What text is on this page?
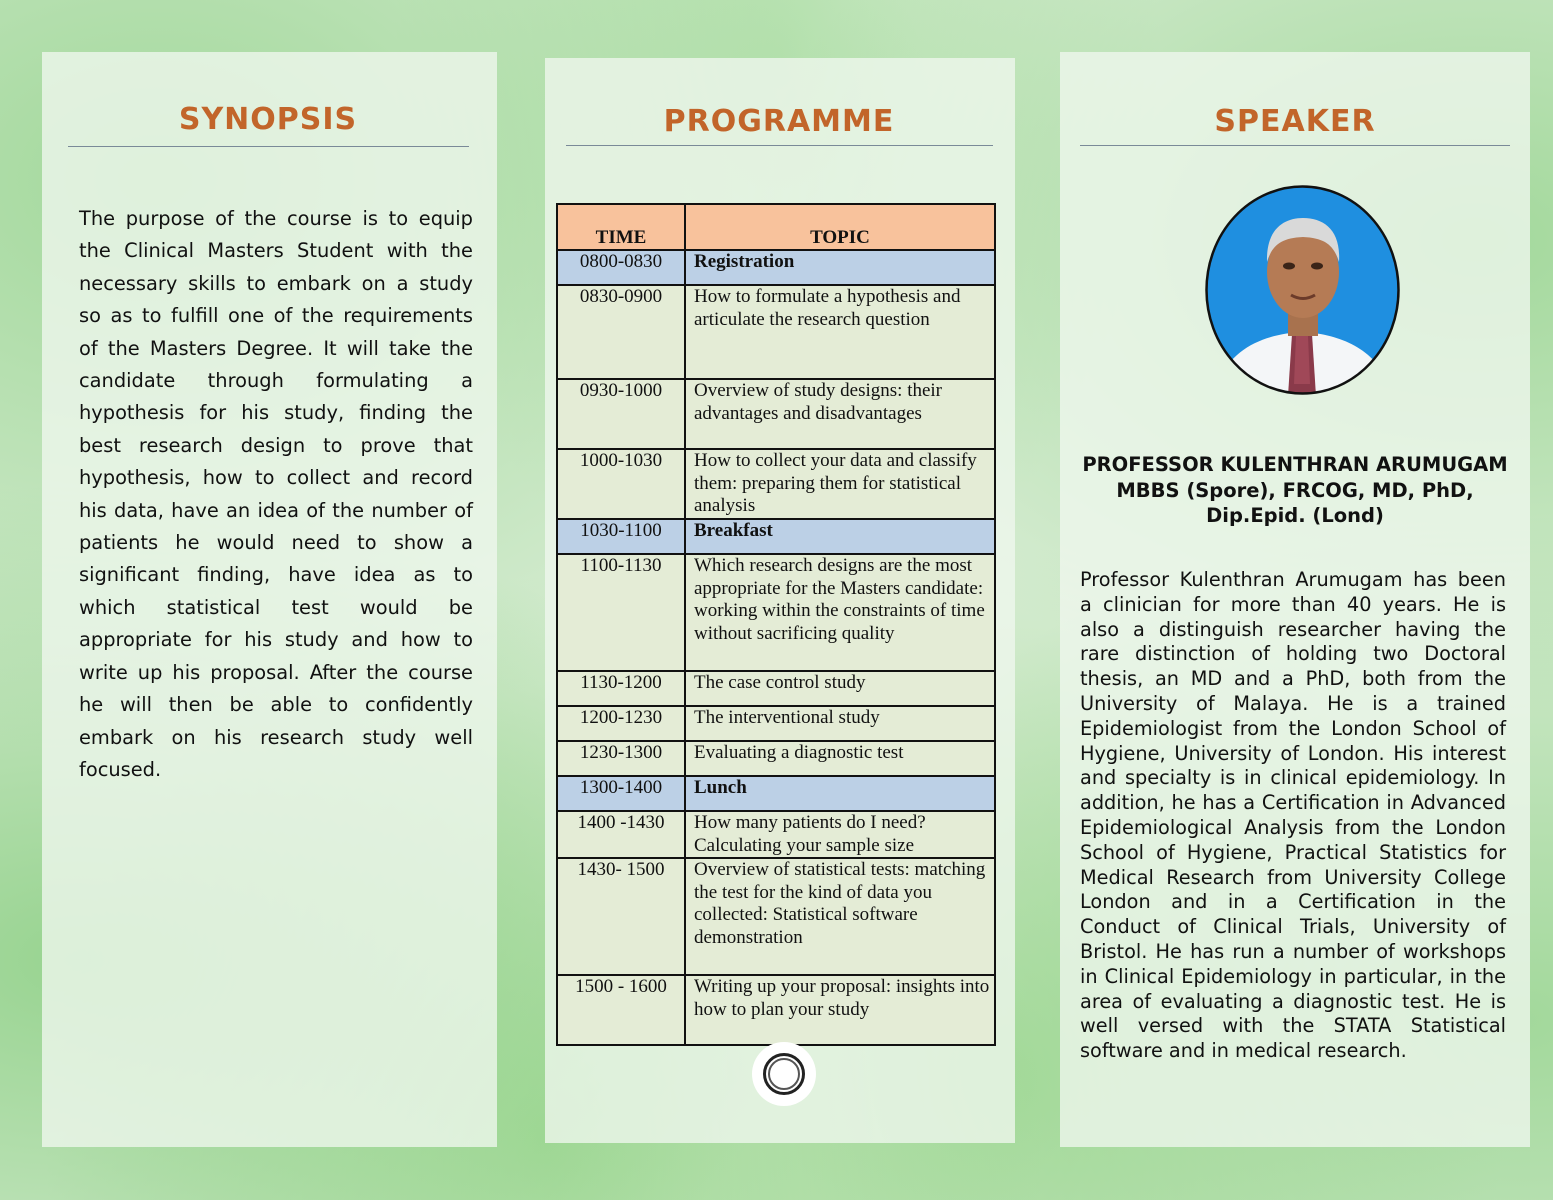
SYNOPSIS
The purpose of the course is to equip the Clinical Masters Student with the necessary skills to embark on a study so as to fulfill one of the requirements of the Masters Degree. It will take the candidate through formulating a hypothesis for his study, finding the best research design to prove that hypothesis, how to collect and record his data, have an idea of the number of patients he would need to show a significant finding, have idea as to which statistical test would be appropriate for his study and how to write up his proposal. After the course he will then be able to confidently embark on his research study well focused.
PROGRAMME
TIME	TOPIC
0800-0830	Registration
0830-0900	How to formulate a hypothesis and articulate the research question
0930-1000	Overview of study designs: their advantages and disadvantages
1000-1030	How to collect your data and classify them: preparing them for statistical analysis
1030-1100	Breakfast
1100-1130	Which research designs are the most appropriate for the Masters candidate: working within the constraints of time without sacrificing quality
1130-1200	The case control study
1200-1230	The interventional study
1230-1300	Evaluating a diagnostic test
1300-1400	Lunch
1400 -1430	How many patients do I need? Calculating your sample size
1430- 1500	Overview of statistical tests: matching the test for the kind of data you collected: Statistical software demonstration
1500 - 1600	Writing up your proposal: insights into how to plan your study
SPEAKER
PROFESSOR KULENTHRAN ARUMUGAM
MBBS (Spore), FRCOG, MD, PhD,
Dip.Epid. (Lond)
Professor Kulenthran Arumugam has been a clinician for more than 40 years. He is also a distinguish researcher having the rare distinction of holding two Doctoral thesis, an MD and a PhD, both from the University of Malaya. He is a trained Epidemiologist from the London School of Hygiene, University of London. His interest and specialty is in clinical epidemiology. In addition, he has a Certification in Advanced Epidemiological Analysis from the London School of Hygiene, Practical Statistics for Medical Research from University College London and in a Certification in the Conduct of Clinical Trials, University of Bristol. He has run a number of workshops in Clinical Epidemiology in particular, in the area of evaluating a diagnostic test. He is well versed with the STATA Statistical software and in medical research.
